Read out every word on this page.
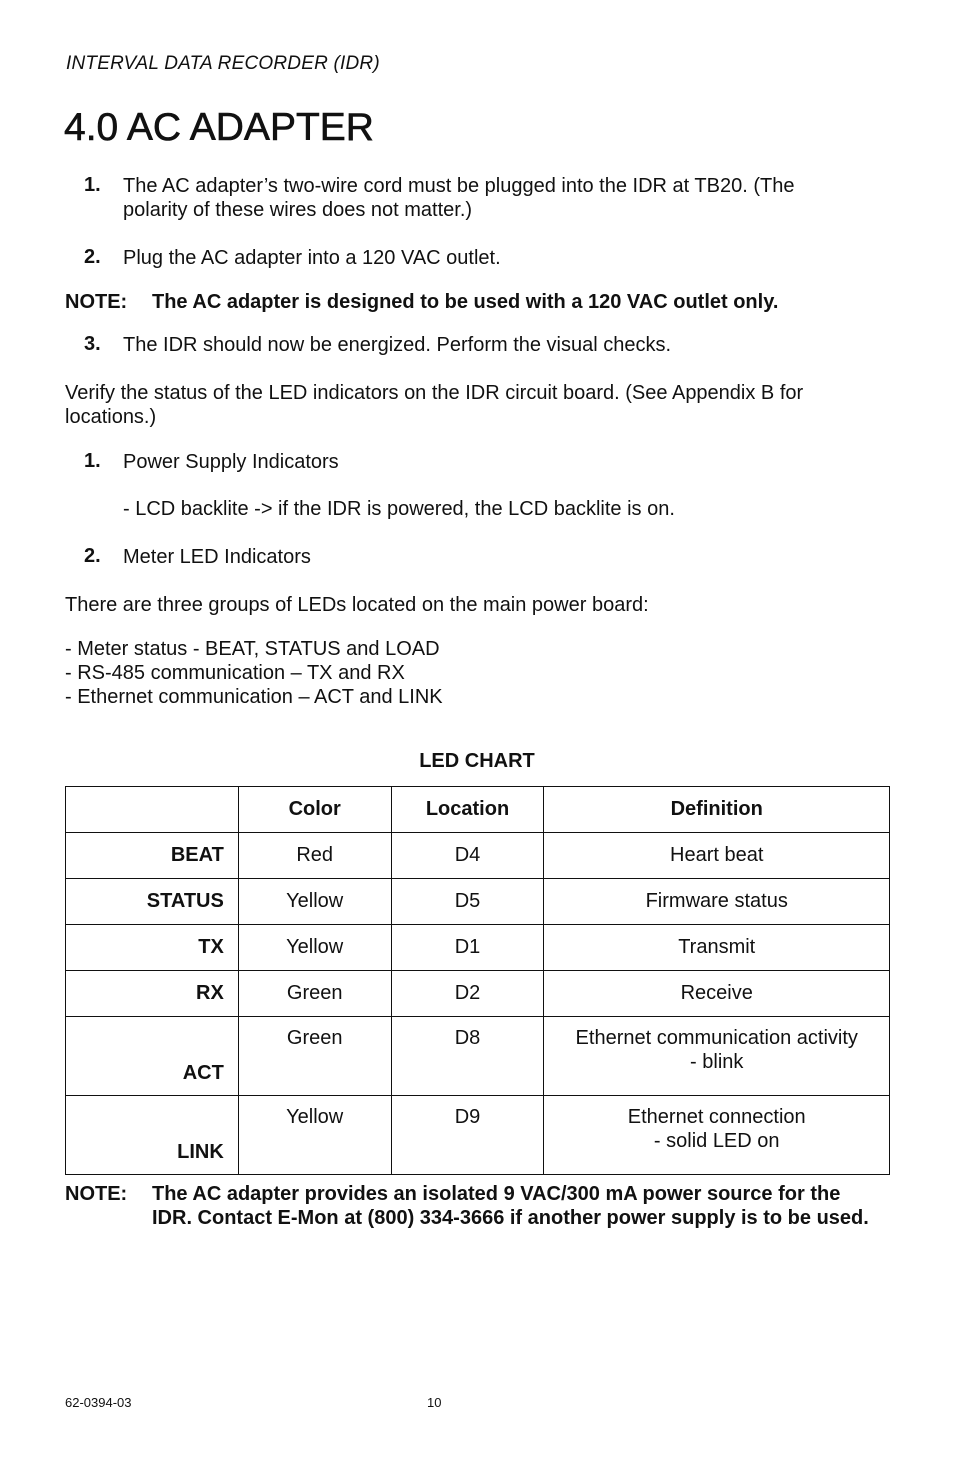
INTERVAL DATA RECORDER (IDR)
4.0 AC ADAPTER
1. The AC adapter’s two-wire cord must be plugged into the IDR at TB20. (The
polarity of these wires does not matter.)
2. Plug the AC adapter into a 120 VAC outlet.
NOTE: The AC adapter is designed to be used with a 120 VAC outlet only.
3. The IDR should now be energized. Perform the visual checks.
Verify the status of the LED indicators on the IDR circuit board. (See Appendix B for
locations.)
1. Power Supply Indicators
- LCD backlite -> if the IDR is powered, the LCD backlite is on.
2. Meter LED Indicators
There are three groups of LEDs located on the main power board:
- Meter status - BEAT, STATUS and LOAD
- RS-485 communication – TX and RX
- Ethernet communication – ACT and LINK
LED CHART
	Color	Location	Definition
BEAT	Red	D4	Heart beat
STATUS	Yellow	D5	Firmware status
TX	Yellow	D1	Transmit
RX	Green	D2	Receive
ACT	Green	D8	Ethernet communication activity
- blink

LINK	Yellow	D9	Ethernet connection
- solid LED on
NOTE: The AC adapter provides an isolated 9 VAC/300 mA power source for the
IDR. Contact E-Mon at (800) 334-3666 if another power supply is to be used.
62-0394-03	10
